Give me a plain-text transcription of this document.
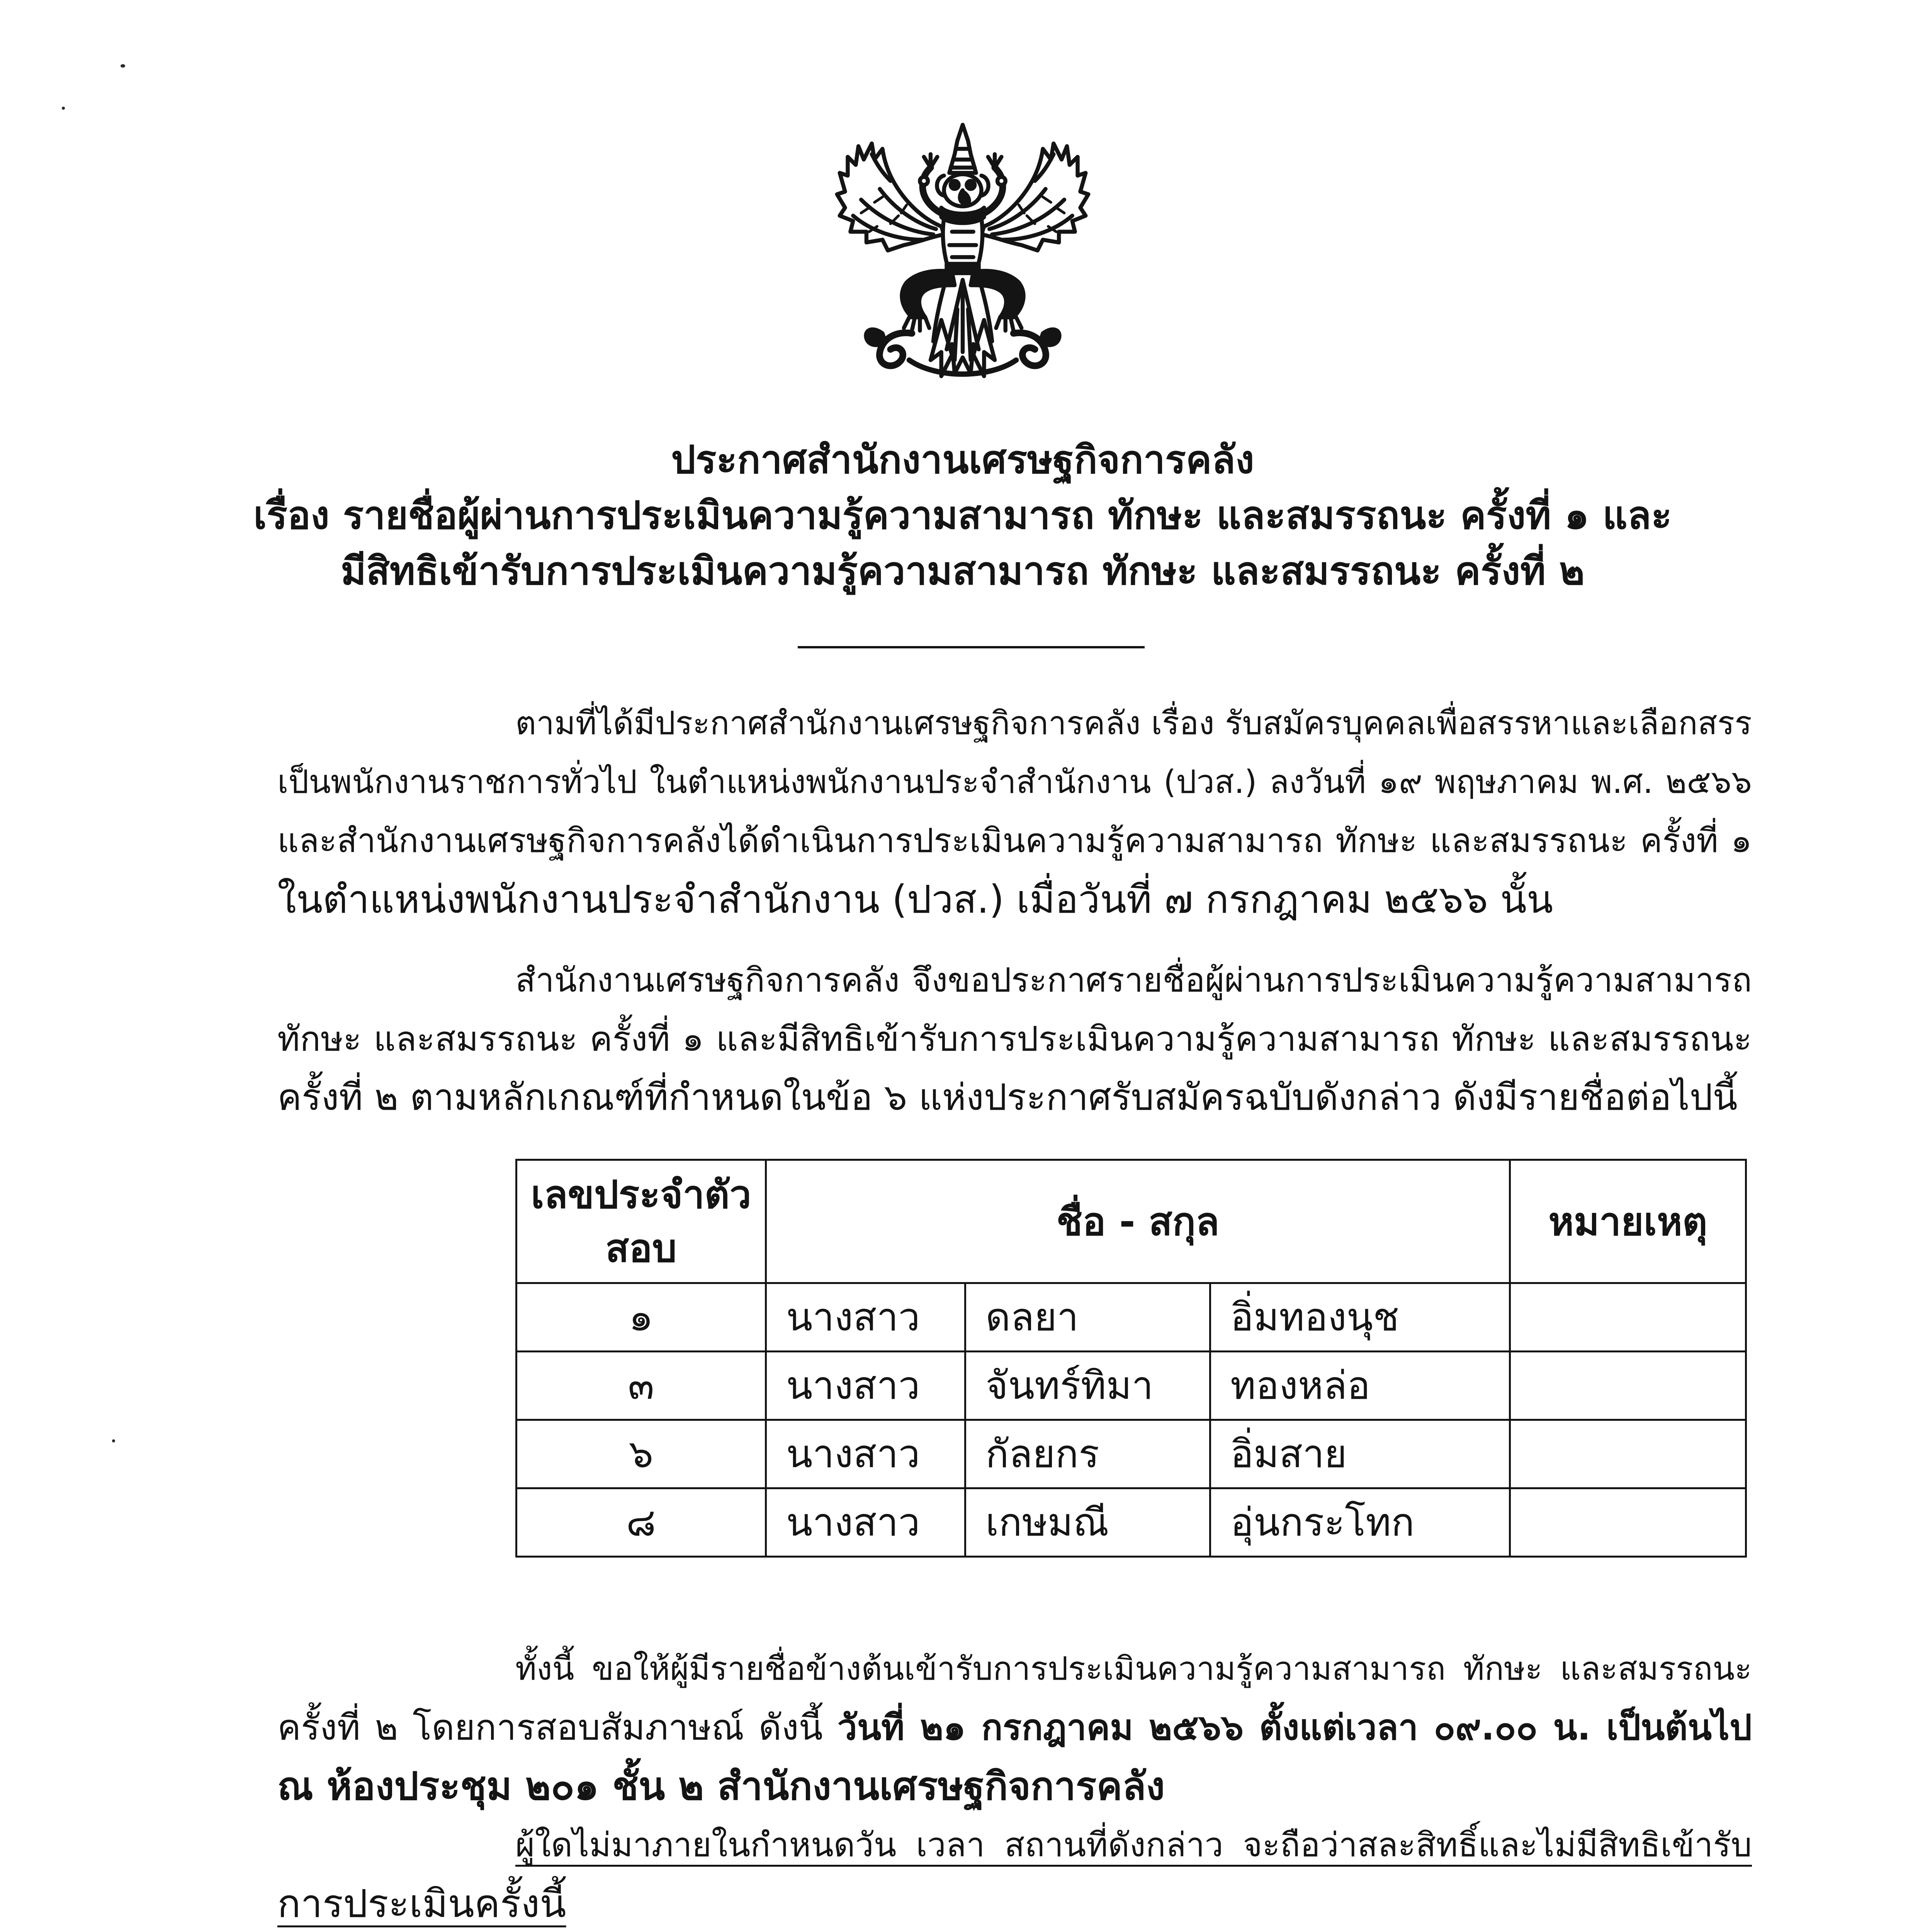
ประกาศสำนักงานเศรษฐกิจการคลัง
เรื่อง รายชื่อผู้ผ่านการประเมินความรู้ความสามารถ ทักษะ และสมรรถนะ ครั้งที่ ๑ และ
มีสิทธิเข้ารับการประเมินความรู้ความสามารถ ทักษะ และสมรรถนะ ครั้งที่ ๒
ตามที่ได้มีประกาศสำนักงานเศรษฐกิจการคลัง เรื่อง รับสมัครบุคคลเพื่อสรรหาและเลือกสรร
เป็นพนักงานราชการทั่วไป ในตำแหน่งพนักงานประจำสำนักงาน (ปวส.) ลงวันที่ ๑๙ พฤษภาคม พ.ศ. ๒๕๖๖
และสำนักงานเศรษฐกิจการคลังได้ดำเนินการประเมินความรู้ความสามารถ ทักษะ และสมรรถนะ ครั้งที่ ๑
ในตำแหน่งพนักงานประจำสำนักงาน (ปวส.) เมื่อวันที่ ๗ กรกฎาคม ๒๕๖๖ นั้น
สำนักงานเศรษฐกิจการคลัง จึงขอประกาศรายชื่อผู้ผ่านการประเมินความรู้ความสามารถ
ทักษะ และสมรรถนะ ครั้งที่ ๑ และมีสิทธิเข้ารับการประเมินความรู้ความสามารถ ทักษะ และสมรรถนะ
ครั้งที่ ๒ ตามหลักเกณฑ์ที่กำหนดในข้อ ๖ แห่งประกาศรับสมัครฉบับดังกล่าว ดังมีรายชื่อต่อไปนี้
เลขประจำตัว
สอบ	ชื่อ - สกุล			หมายเหตุ
๑	นางสาว	ดลยา	อิ่มทองนุช	
๓	นางสาว	จันทร์ทิมา	ทองหล่อ	
๖	นางสาว	กัลยกร	อิ่มสาย	
๘	นางสาว	เกษมณี	อุ่นกระโทก	
ทั้งนี้ ขอให้ผู้มีรายชื่อข้างต้นเข้ารับการประเมินความรู้ความสามารถ ทักษะ และสมรรถนะ
ครั้งที่ ๒ โดยการสอบสัมภาษณ์ ดังนี้ วันที่ ๒๑ กรกฎาคม ๒๕๖๖ ตั้งแต่เวลา ๐๙.๐๐ น. เป็นต้นไป
ณ ห้องประชุม ๒๐๑ ชั้น ๒ สำนักงานเศรษฐกิจการคลัง
ผู้ใดไม่มาภายในกำหนดวัน เวลา สถานที่ดังกล่าว จะถือว่าสละสิทธิ์และไม่มีสิทธิเข้ารับ
การประเมินครั้งนี้
